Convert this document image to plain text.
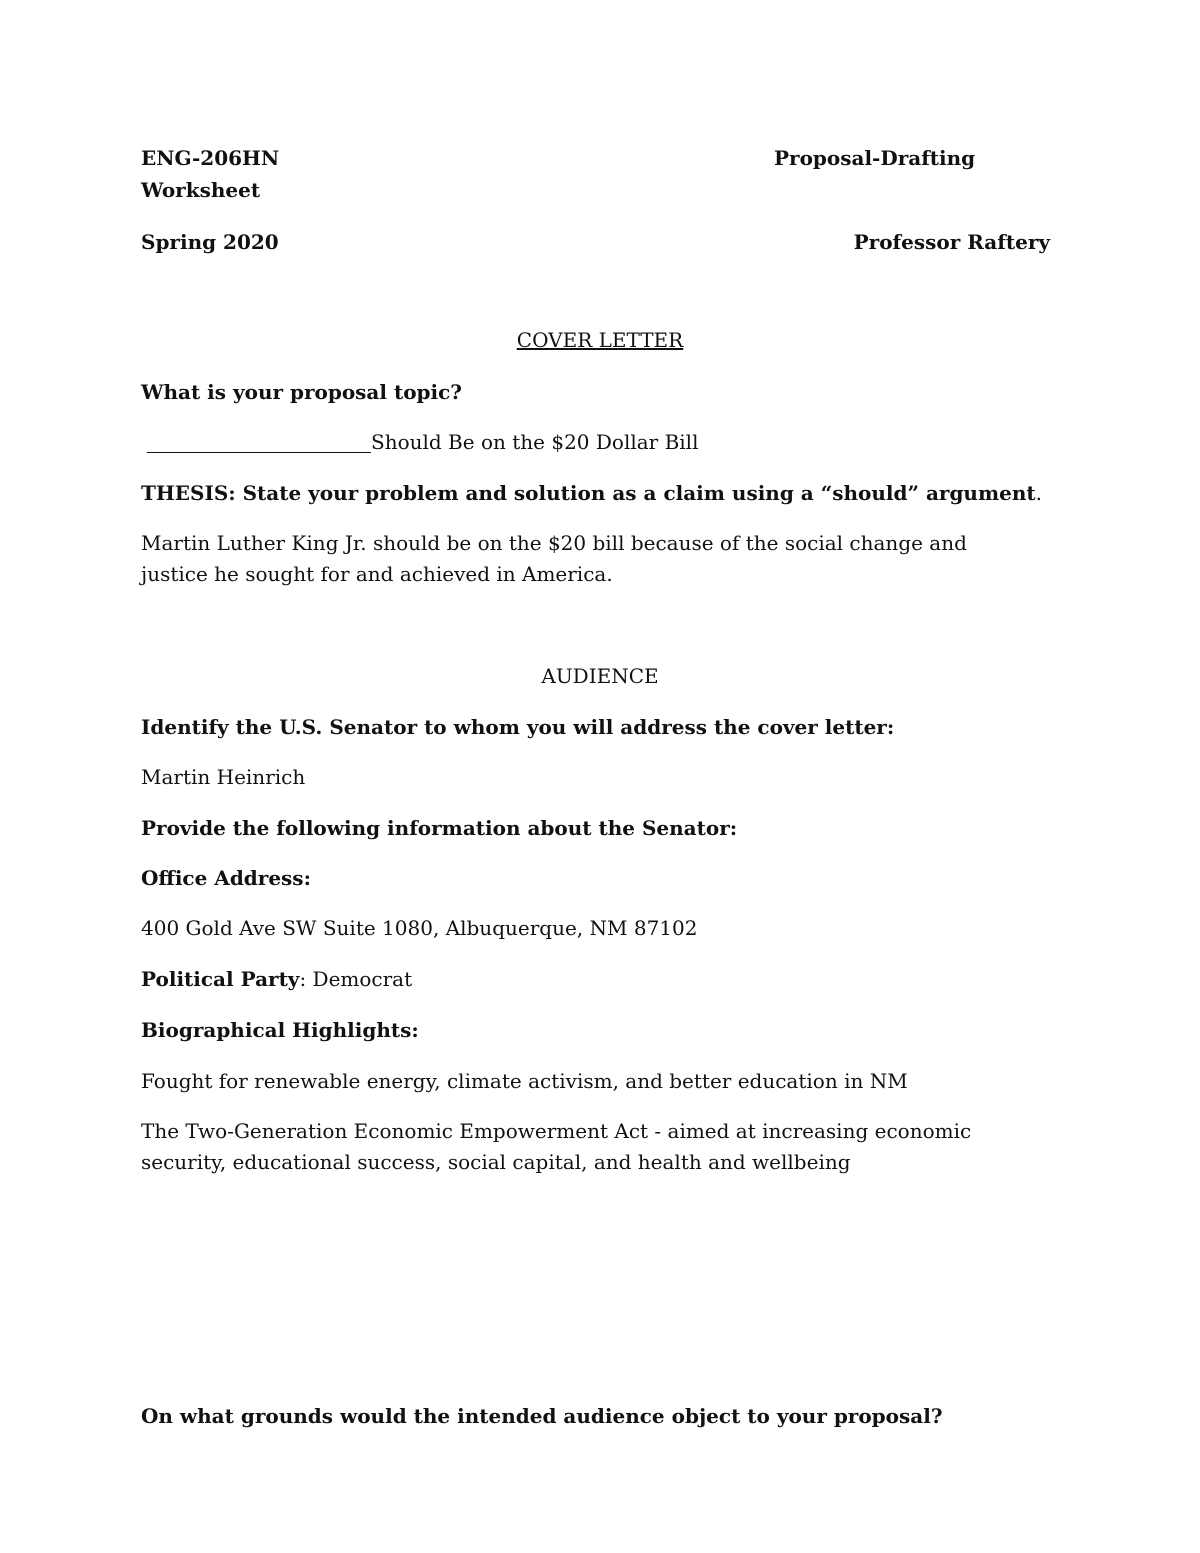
ENG-206HN	Proposal-Drafting
Worksheet
Spring 2020	Professor Raftery
COVER LETTER
What is your proposal topic?
Should Be on the $20 Dollar Bill
THESIS: State your problem and solution as a claim using a “should” argument.
Martin Luther King Jr. should be on the $20 bill because of the social change and justice he sought for and achieved in America.
AUDIENCE
Identify the U.S. Senator to whom you will address the cover letter:
Martin Heinrich
Provide the following information about the Senator:
Office Address:
400 Gold Ave SW Suite 1080, Albuquerque, NM 87102
Political Party: Democrat
Biographical Highlights:
Fought for renewable energy, climate activism, and better education in NM
The Two-Generation Economic Empowerment Act - aimed at increasing economic security, educational success, social capital, and health and wellbeing
On what grounds would the intended audience object to your proposal?
